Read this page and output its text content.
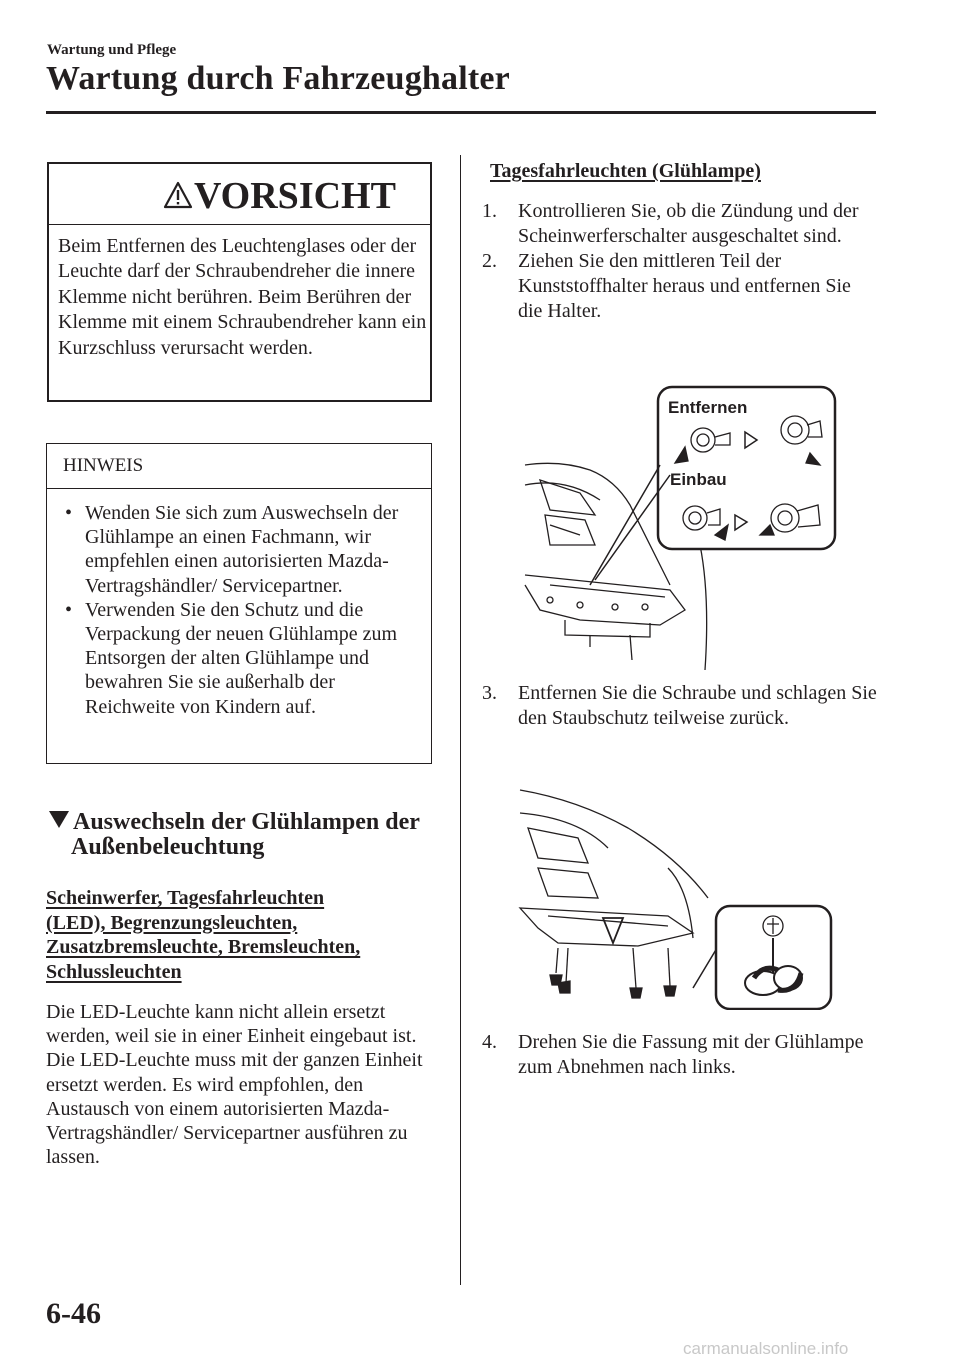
Wartung und Pflege
Wartung durch Fahrzeughalter
VORSICHT
Beim Entfernen des Leuchtenglases oder der Leuchte darf der Schraubendreher die innere Klemme nicht berühren. Beim Berühren der Klemme mit einem Schraubendreher kann ein Kurzschluss verursacht werden.
HINWEIS
• Wenden Sie sich zum Auswechseln der Glühlampe an einen Fachmann, wir empfehlen einen autorisierten Mazda-Vertragshändler/ Servicepartner.
• Verwenden Sie den Schutz und die Verpackung der neuen Glühlampe zum Entsorgen der alten Glühlampe und bewahren Sie sie außerhalb der Reichweite von Kindern auf.
Auswechseln der Glühlampen der
Außenbeleuchtung
Scheinwerfer, Tagesfahrleuchten
(LED), Begrenzungsleuchten,
Zusatzbremsleuchte, Bremsleuchten,
Schlussleuchten
Die LED-Leuchte kann nicht allein ersetzt werden, weil sie in einer Einheit eingebaut ist. Die LED-Leuchte muss mit der ganzen Einheit ersetzt werden. Es wird empfohlen, den Austausch von einem autorisierten Mazda-Vertragshändler/ Servicepartner ausführen zu lassen.
Tagesfahrleuchten (Glühlampe)
1. Kontrollieren Sie, ob die Zündung und der Scheinwerferschalter ausgeschaltet sind.
2. Ziehen Sie den mittleren Teil der Kunststoffhalter heraus und entfernen Sie die Halter.
Entfernen
Einbau
3. Entfernen Sie die Schraube und schlagen Sie den Staubschutz teilweise zurück.
4. Drehen Sie die Fassung mit der Glühlampe zum Abnehmen nach links.
6-46
carmanualsonline.info
